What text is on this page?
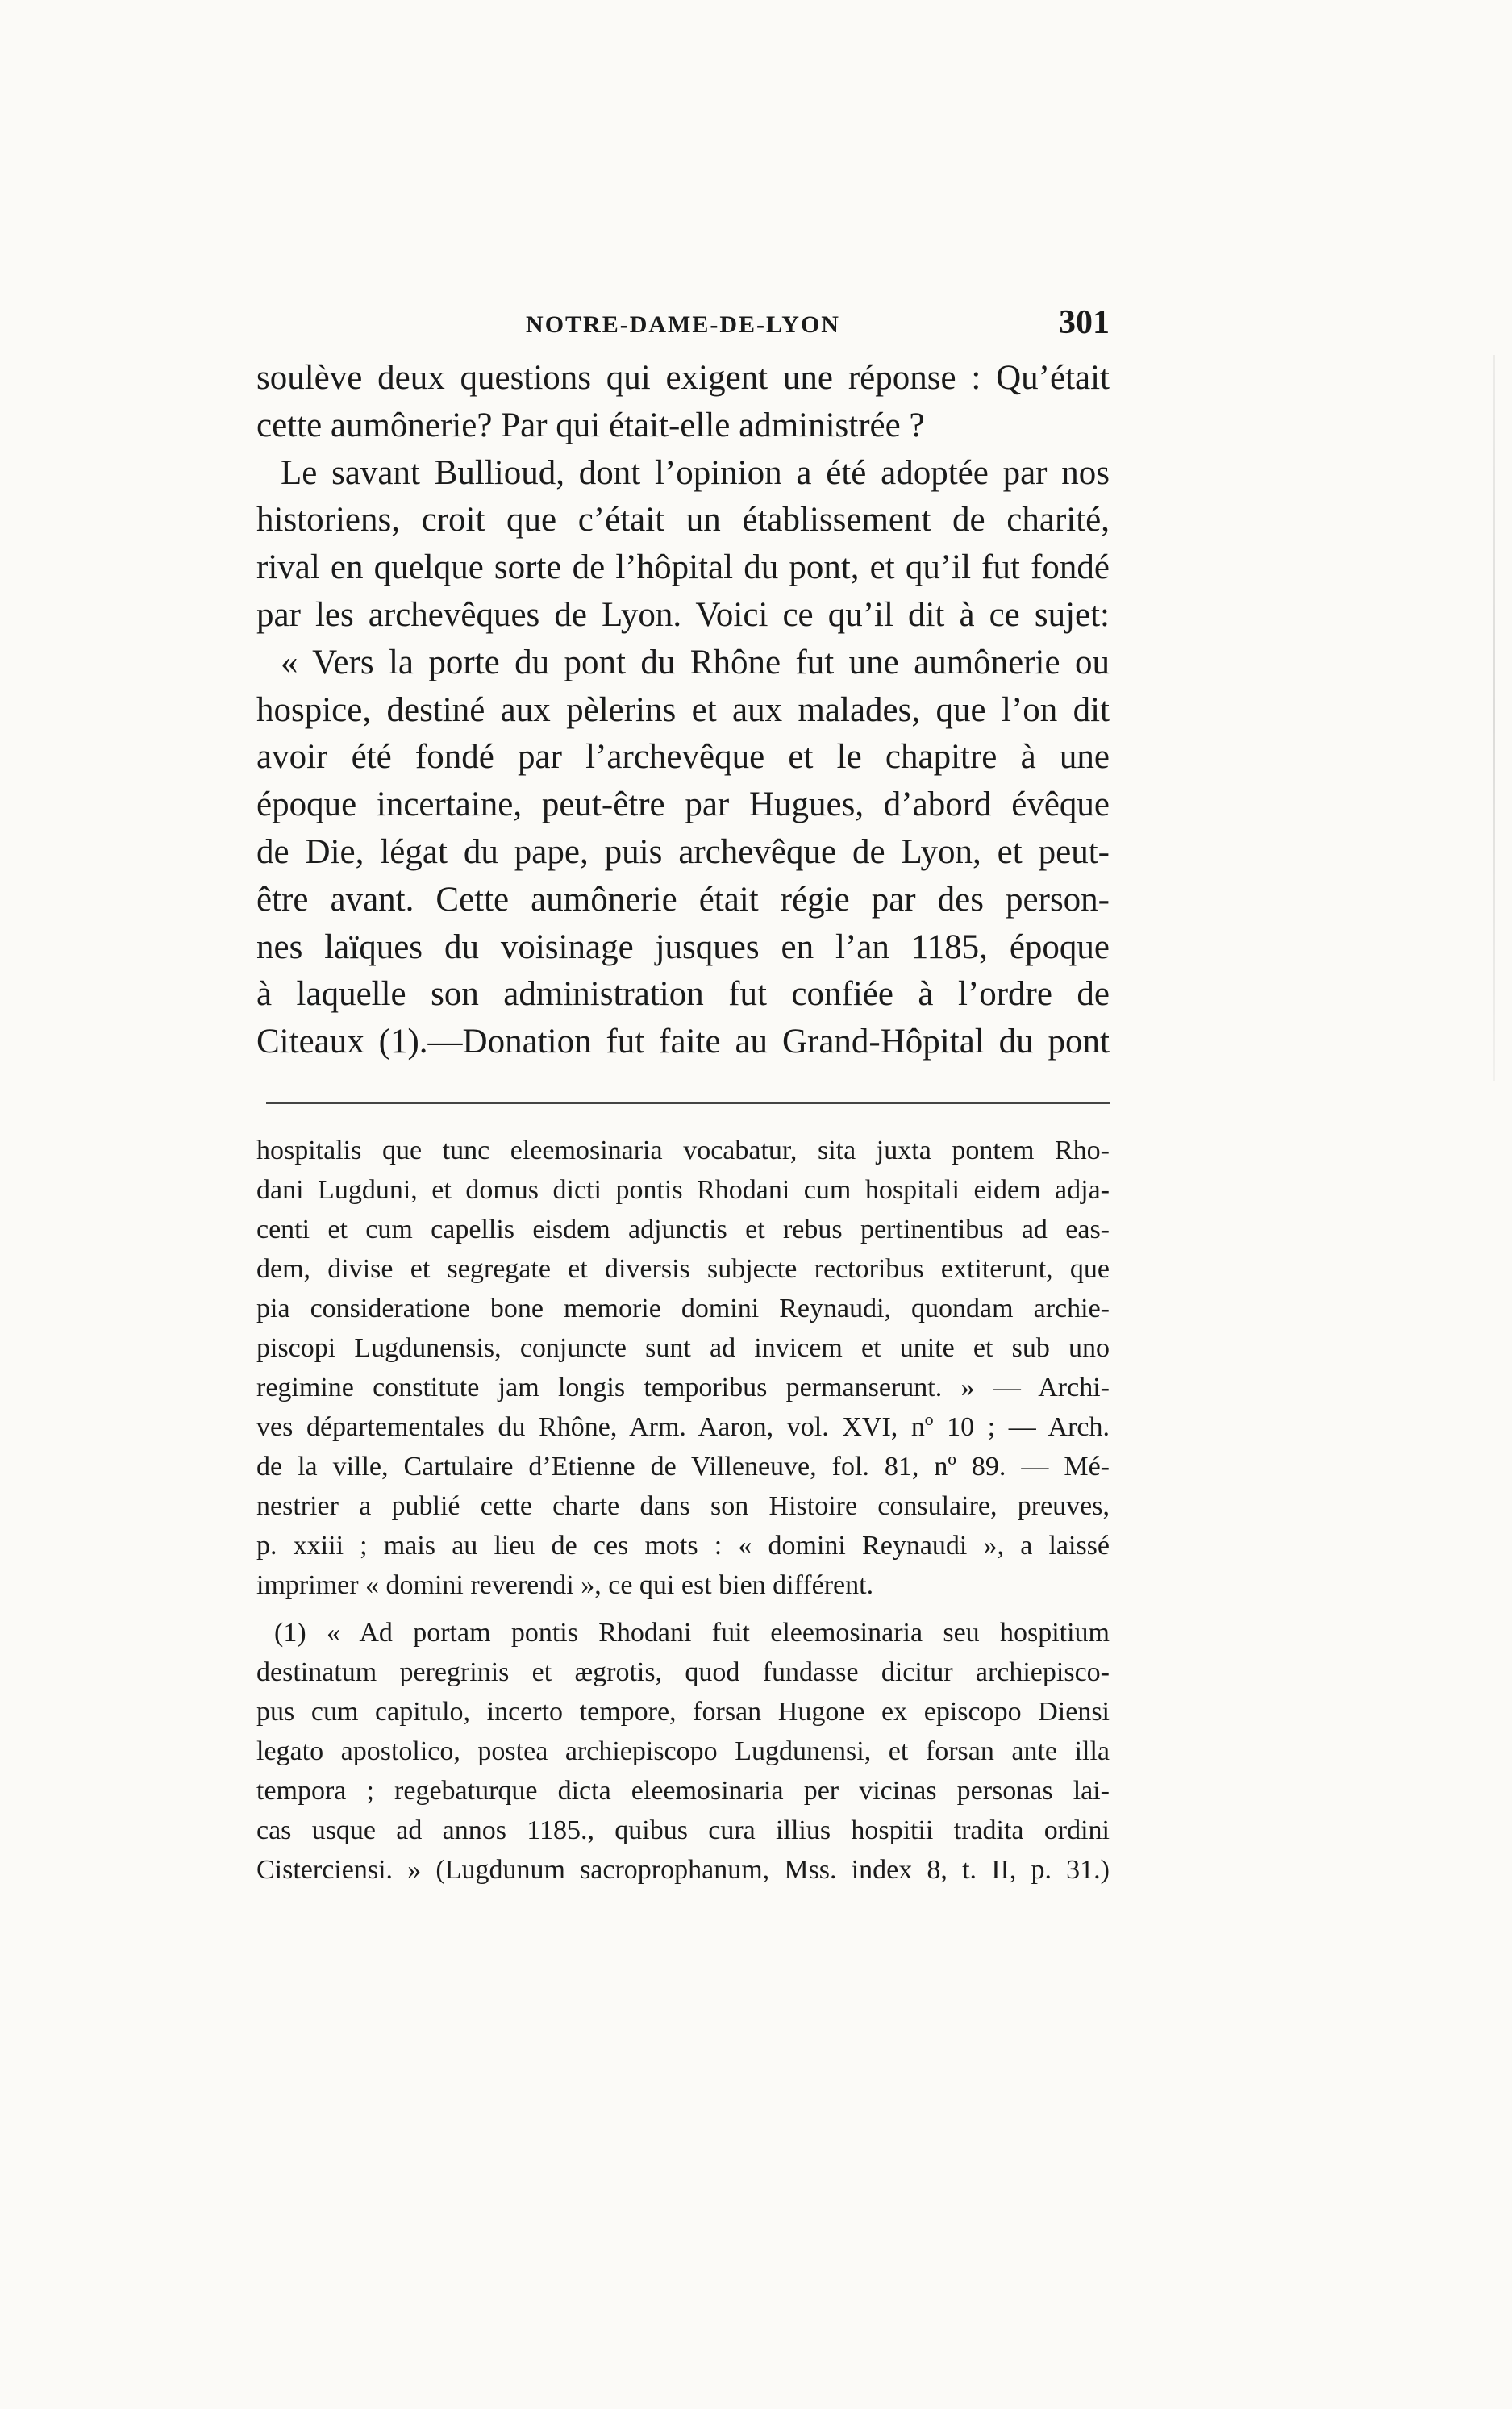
NOTRE-DAME-DE-LYON	301
soulève deux questions qui exigent une réponse : Qu’était
cette aumônerie? Par qui était-elle administrée ?
Le savant Bullioud, dont l’opinion a été adoptée par nos
historiens, croit que c’était un établissement de charité,
rival en quelque sorte de l’hôpital du pont, et qu’il fut fondé
par les archevêques de Lyon. Voici ce qu’il dit à ce sujet:
« Vers la porte du pont du Rhône fut une aumônerie ou
hospice, destiné aux pèlerins et aux malades, que l’on dit
avoir été fondé par l’archevêque et le chapitre à une
époque incertaine, peut-être par Hugues, d’abord évêque
de Die, légat du pape, puis archevêque de Lyon, et peut-
être avant. Cette aumônerie était régie par des person-
nes laïques du voisinage jusques en l’an 1185, époque
à laquelle son administration fut confiée à l’ordre de
Citeaux (1).—Donation fut faite au Grand-Hôpital du pont
hospitalis que tunc eleemosinaria vocabatur, sita juxta pontem Rho-
dani Lugduni, et domus dicti pontis Rhodani cum hospitali eidem adja-
centi et cum capellis eisdem adjunctis et rebus pertinentibus ad eas-
dem, divise et segregate et diversis subjecte rectoribus extiterunt, que
pia consideratione bone memorie domini Reynaudi, quondam archie-
piscopi Lugdunensis, conjuncte sunt ad invicem et unite et sub uno
regimine constitute jam longis temporibus permanserunt. » — Archi-
ves départementales du Rhône, Arm. Aaron, vol. XVI, nº 10 ; — Arch.
de la ville, Cartulaire d’Etienne de Villeneuve, fol. 81, nº 89. — Mé-
nestrier a publié cette charte dans son Histoire consulaire, preuves,
p. xxiii ; mais au lieu de ces mots : « domini Reynaudi », a laissé
imprimer « domini reverendi », ce qui est bien différent.
(1) « Ad portam pontis Rhodani fuit eleemosinaria seu hospitium
destinatum peregrinis et ægrotis, quod fundasse dicitur archiepisco-
pus cum capitulo, incerto tempore, forsan Hugone ex episcopo Diensi
legato apostolico, postea archiepiscopo Lugdunensi, et forsan ante illa
tempora ; regebaturque dicta eleemosinaria per vicinas personas lai-
cas usque ad annos 1185., quibus cura illius hospitii tradita ordini
Cisterciensi. » (Lugdunum sacroprophanum, Mss. index 8, t. II, p. 31.)
